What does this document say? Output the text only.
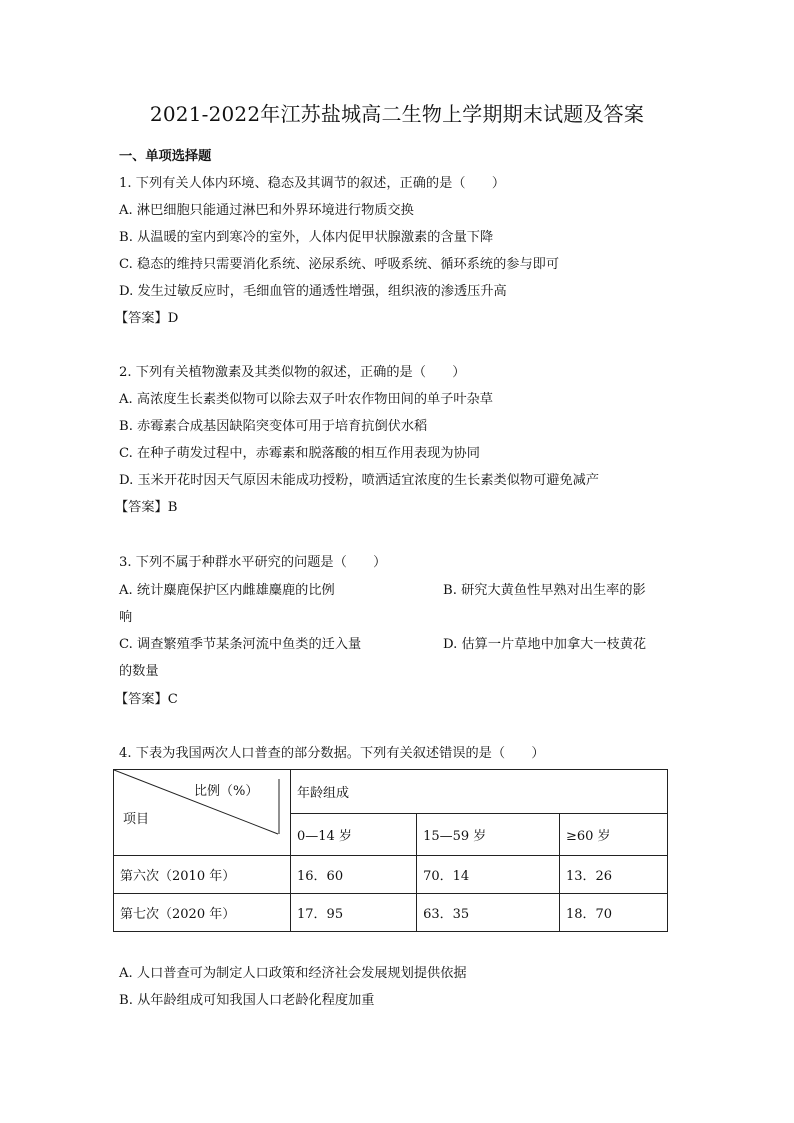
2021-2022年江苏盐城高二生物上学期期末试题及答案
一、单项选择题
1. 下列有关人体内环境、稳态及其调节的叙述，正确的是（　　）
A. 淋巴细胞只能通过淋巴和外界环境进行物质交换
B. 从温暖的室内到寒冷的室外，人体内促甲状腺激素的含量下降
C. 稳态的维持只需要消化系统、泌尿系统、呼吸系统、循环系统的参与即可
D. 发生过敏反应时，毛细血管的通透性增强，组织液的渗透压升高
【答案】D
2. 下列有关植物激素及其类似物的叙述，正确的是（　　）
A. 高浓度生长素类似物可以除去双子叶农作物田间的单子叶杂草
B. 赤霉素合成基因缺陷突变体可用于培育抗倒伏水稻
C. 在种子萌发过程中，赤霉素和脱落酸的相互作用表现为协同
D. 玉米开花时因天气原因未能成功授粉，喷洒适宜浓度的生长素类似物可避免减产
【答案】B
3. 下列不属于种群水平研究的问题是（　　）
A. 统计麋鹿保护区内雌雄麋鹿的比例	B. 研究大黄鱼性早熟对出生率的影
响
C. 调查繁殖季节某条河流中鱼类的迁入量	D. 估算一片草地中加拿大一枝黄花
的数量
【答案】C
4. 下表为我国两次人口普查的部分数据。下列有关叙述错误的是（　　）
比例（%）
项目	年龄组成		
	0—14 岁	15—59 岁	≥60 岁
第六次（2010 年）	16．60	70．14	13．26
第七次（2020 年）	17．95	63．35	18．70
A. 人口普查可为制定人口政策和经济社会发展规划提供依据
B. 从年龄组成可知我国人口老龄化程度加重
